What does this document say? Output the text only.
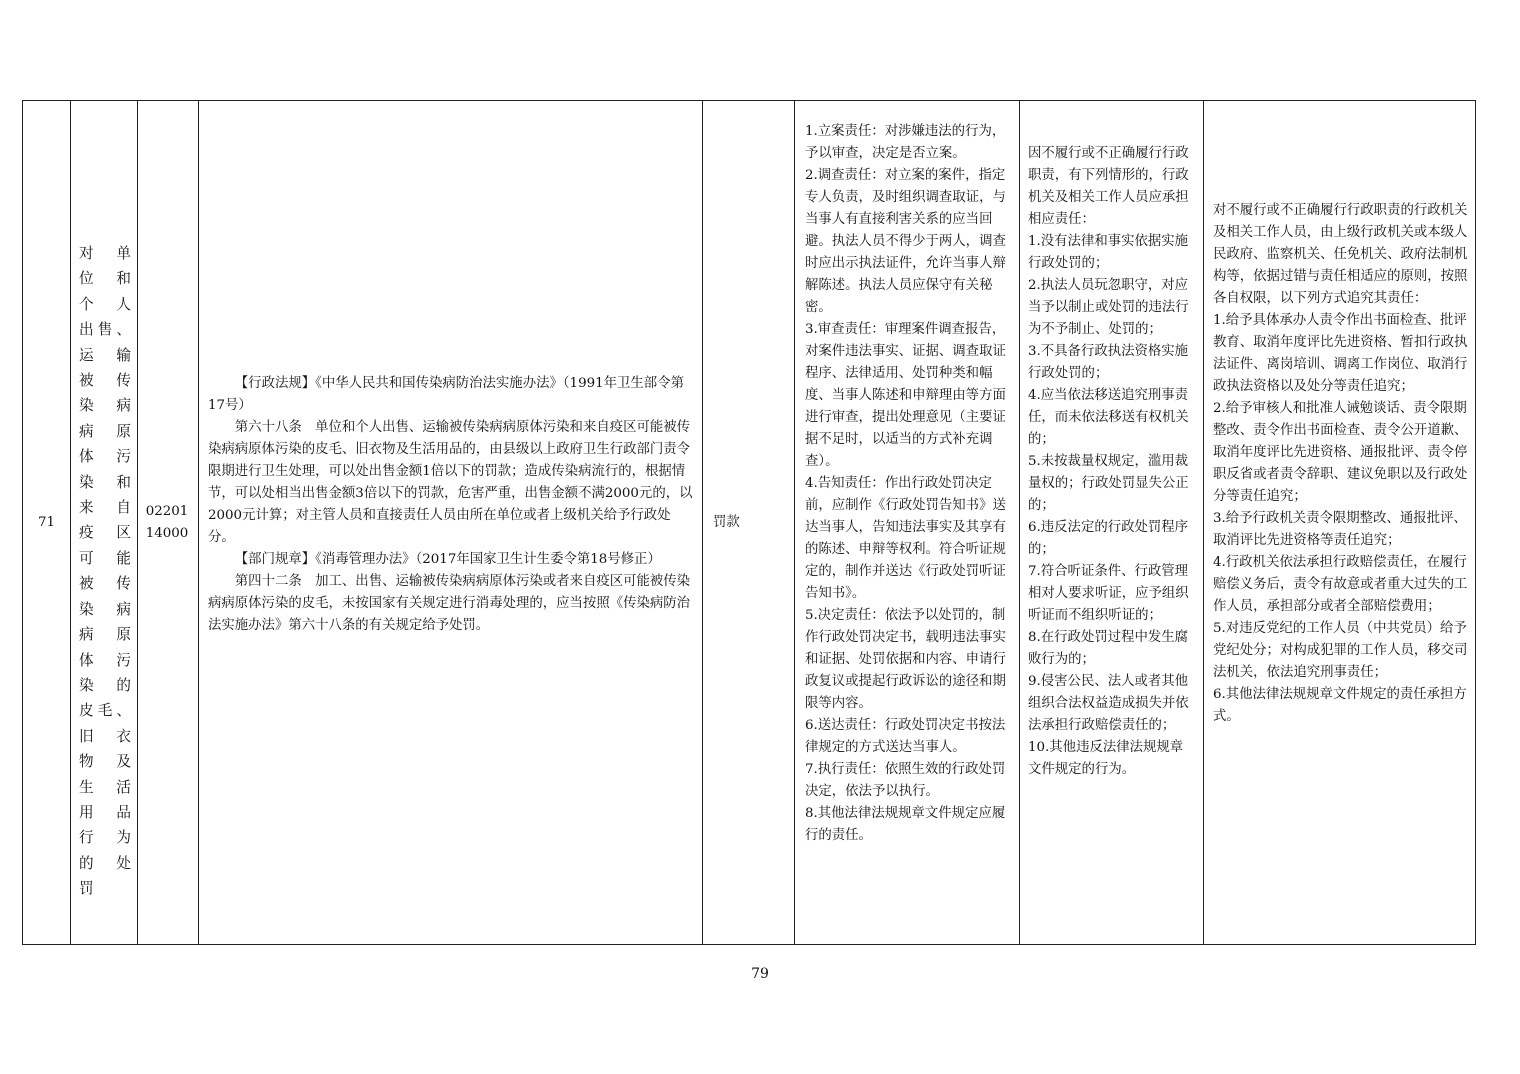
71
对 单
位 和
个 人
出售、
运 输
被 传
染 病
病 原
体 污
染 和
来 自
疫 区
可 能
被 传
染 病
病 原
体 污
染 的
皮毛、
旧 衣
物 及
生 活
用 品
行 为
的 处
罚
02201
14000

【行政法规】《中华人民共和国传染病防治法实施办法》（1991年卫生部令第17号）

第六十八条　单位和个人出售、运输被传染病病原体污染和来自疫区可能被传染病病原体污染的皮毛、旧衣物及生活用品的，由县级以上政府卫生行政部门责令限期进行卫生处理，可以处出售金额1倍以下的罚款；造成传染病流行的，根据情节，可以处相当出售金额3倍以下的罚款，危害严重，出售金额不满2000元的，以2000元计算；对主管人员和直接责任人员由所在单位或者上级机关给予行政处分。

【部门规章】《消毒管理办法》（2017年国家卫生计生委令第18号修正）

第四十二条　加工、出售、运输被传染病病原体污染或者来自疫区可能被传染病病原体污染的皮毛，未按国家有关规定进行消毒处理的，应当按照《传染病防治法实施办法》第六十八条的有关规定给予处罚。

罚款

1.立案责任：对涉嫌违法的行为，予以审查，决定是否立案。

2.调查责任：对立案的案件，指定专人负责，及时组织调查取证，与当事人有直接利害关系的应当回避。执法人员不得少于两人，调查时应出示执法证件，允许当事人辩解陈述。执法人员应保守有关秘密。

3.审查责任：审理案件调查报告，对案件违法事实、证据、调查取证程序、法律适用、处罚种类和幅度、当事人陈述和申辩理由等方面进行审查，提出处理意见（主要证据不足时，以适当的方式补充调查）。

4.告知责任：作出行政处罚决定前，应制作《行政处罚告知书》送达当事人，告知违法事实及其享有的陈述、申辩等权利。符合听证规定的，制作并送达《行政处罚听证告知书》。

5.决定责任：依法予以处罚的，制作行政处罚决定书，载明违法事实和证据、处罚依据和内容、申请行政复议或提起行政诉讼的途径和期限等内容。

6.送达责任：行政处罚决定书按法律规定的方式送达当事人。

7.执行责任：依照生效的行政处罚决定，依法予以执行。

8.其他法律法规规章文件规定应履行的责任。

因不履行或不正确履行行政职责，有下列情形的，行政机关及相关工作人员应承担相应责任：

1.没有法律和事实依据实施行政处罚的；

2.执法人员玩忽职守，对应当予以制止或处罚的违法行为不予制止、处罚的；

3.不具备行政执法资格实施行政处罚的；

4.应当依法移送追究刑事责任，而未依法移送有权机关的；

5.未按裁量权规定，滥用裁量权的；行政处罚显失公正的；

6.违反法定的行政处罚程序的；

7.符合听证条件、行政管理相对人要求听证，应予组织听证而不组织听证的；

8.在行政处罚过程中发生腐败行为的；

9.侵害公民、法人或者其他组织合法权益造成损失并依法承担行政赔偿责任的；

10.其他违反法律法规规章文件规定的行为。

对不履行或不正确履行行政职责的行政机关及相关工作人员，由上级行政机关或本级人民政府、监察机关、任免机关、政府法制机构等，依据过错与责任相适应的原则，按照各自权限，以下列方式追究其责任：

1.给予具体承办人责令作出书面检查、批评教育、取消年度评比先进资格、暂扣行政执法证件、离岗培训、调离工作岗位、取消行政执法资格以及处分等责任追究；

2.给予审核人和批准人诫勉谈话、责令限期整改、责令作出书面检查、责令公开道歉、取消年度评比先进资格、通报批评、责令停职反省或者责令辞职、建议免职以及行政处分等责任追究；

3.给予行政机关责令限期整改、通报批评、取消评比先进资格等责任追究；

4.行政机关依法承担行政赔偿责任，在履行赔偿义务后，责令有故意或者重大过失的工作人员，承担部分或者全部赔偿费用；

5.对违反党纪的工作人员（中共党员）给予党纪处分；对构成犯罪的工作人员，移交司法机关，依法追究刑事责任；

6.其他法律法规规章文件规定的责任承担方式。

79
